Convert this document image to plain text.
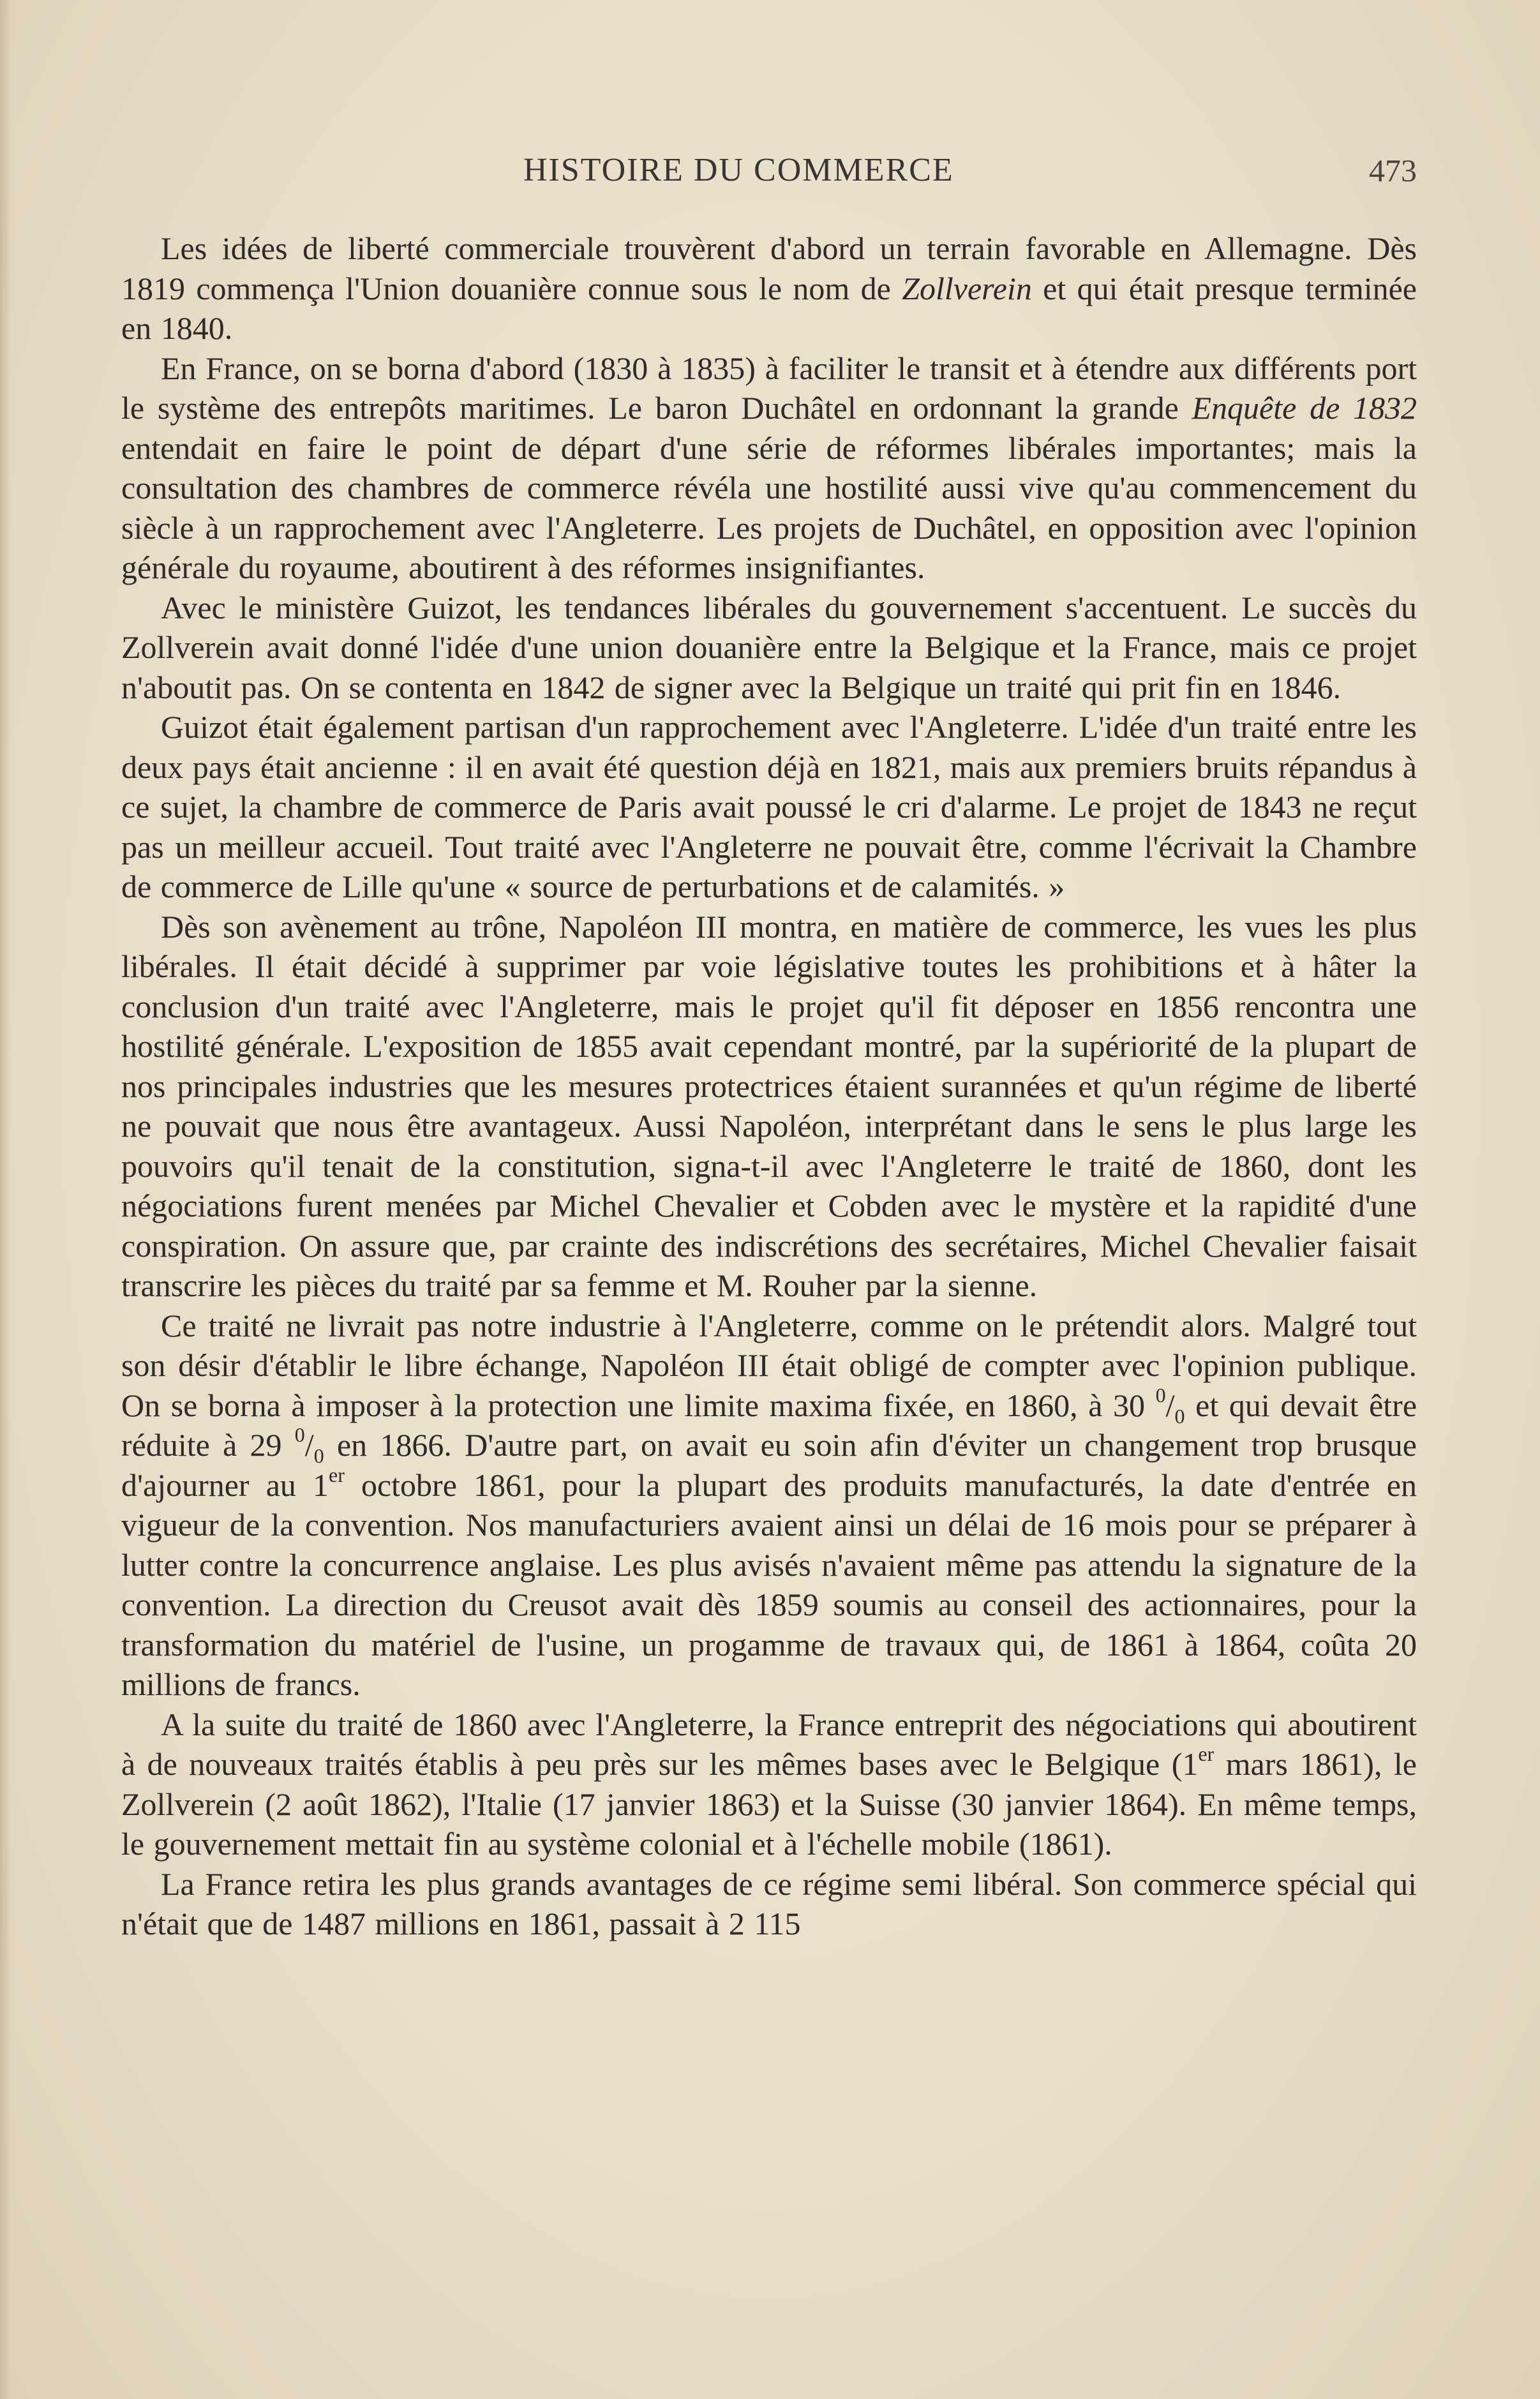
HISTOIRE DU COMMERCE	473

Les idées de liberté commerciale trouvèrent d'abord un terrain favorable en Allemagne. Dès 1819 commença l'Union douanière connue sous le nom de Zollverein et qui était presque terminée en 1840.

En France, on se borna d'abord (1830 à 1835) à faciliter le transit et à étendre aux différents port le système des entrepôts maritimes. Le baron Duchâtel en ordonnant la grande Enquête de 1832 entendait en faire le point de départ d'une série de réformes libérales importantes; mais la consultation des chambres de commerce révéla une hostilité aussi vive qu'au commencement du siècle à un rapprochement avec l'Angleterre. Les projets de Duchâtel, en opposition avec l'opinion générale du royaume, aboutirent à des réformes insignifiantes.

Avec le ministère Guizot, les tendances libérales du gouvernement s'accentuent. Le succès du Zollverein avait donné l'idée d'une union douanière entre la Belgique et la France, mais ce projet n'aboutit pas. On se contenta en 1842 de signer avec la Belgique un traité qui prit fin en 1846.

Guizot était également partisan d'un rapprochement avec l'Angleterre. L'idée d'un traité entre les deux pays était ancienne : il en avait été question déjà en 1821, mais aux premiers bruits répandus à ce sujet, la chambre de commerce de Paris avait poussé le cri d'alarme. Le projet de 1843 ne reçut pas un meilleur accueil. Tout traité avec l'Angleterre ne pouvait être, comme l'écrivait la Chambre de commerce de Lille qu'une « source de perturbations et de calamités. »

Dès son avènement au trône, Napoléon III montra, en matière de commerce, les vues les plus libérales. Il était décidé à supprimer par voie législative toutes les prohibitions et à hâter la conclusion d'un traité avec l'Angleterre, mais le projet qu'il fit déposer en 1856 rencontra une hostilité générale. L'exposition de 1855 avait cependant montré, par la supériorité de la plupart de nos principales industries que les mesures protectrices étaient surannées et qu'un régime de liberté ne pouvait que nous être avantageux. Aussi Napoléon, interprétant dans le sens le plus large les pouvoirs qu'il tenait de la constitution, signa-t-il avec l'Angleterre le traité de 1860, dont les négociations furent menées par Michel Chevalier et Cobden avec le mystère et la rapidité d'une conspiration. On assure que, par crainte des indiscrétions des secrétaires, Michel Chevalier faisait transcrire les pièces du traité par sa femme et M. Rouher par la sienne.

Ce traité ne livrait pas notre industrie à l'Angleterre, comme on le prétendit alors. Malgré tout son désir d'établir le libre échange, Napoléon III était obligé de compter avec l'opinion publique. On se borna à imposer à la protection une limite maxima fixée, en 1860, à 30 $^0/_0$ et qui devait être réduite à 29 $^0/_0$ en 1866. D'autre part, on avait eu soin afin d'éviter un changement trop brusque d'ajourner au 1er octobre 1861, pour la plupart des produits manufacturés, la date d'entrée en vigueur de la convention. Nos manufacturiers avaient ainsi un délai de 16 mois pour se préparer à lutter contre la concurrence anglaise. Les plus avisés n'avaient même pas attendu la signature de la convention. La direction du Creusot avait dès 1859 soumis au conseil des actionnaires, pour la transformation du matériel de l'usine, un progamme de travaux qui, de 1861 à 1864, coûta 20 millions de francs.

A la suite du traité de 1860 avec l'Angleterre, la France entreprit des négociations qui aboutirent à de nouveaux traités établis à peu près sur les mêmes bases avec le Belgique (1er mars 1861), le Zollverein (2 août 1862), l'Italie (17 janvier 1863) et la Suisse (30 janvier 1864). En même temps, le gouvernement mettait fin au système colonial et à l'échelle mobile (1861).

La France retira les plus grands avantages de ce régime semi libéral. Son commerce spécial qui n'était que de 1487 millions en 1861, passait à 2 115
